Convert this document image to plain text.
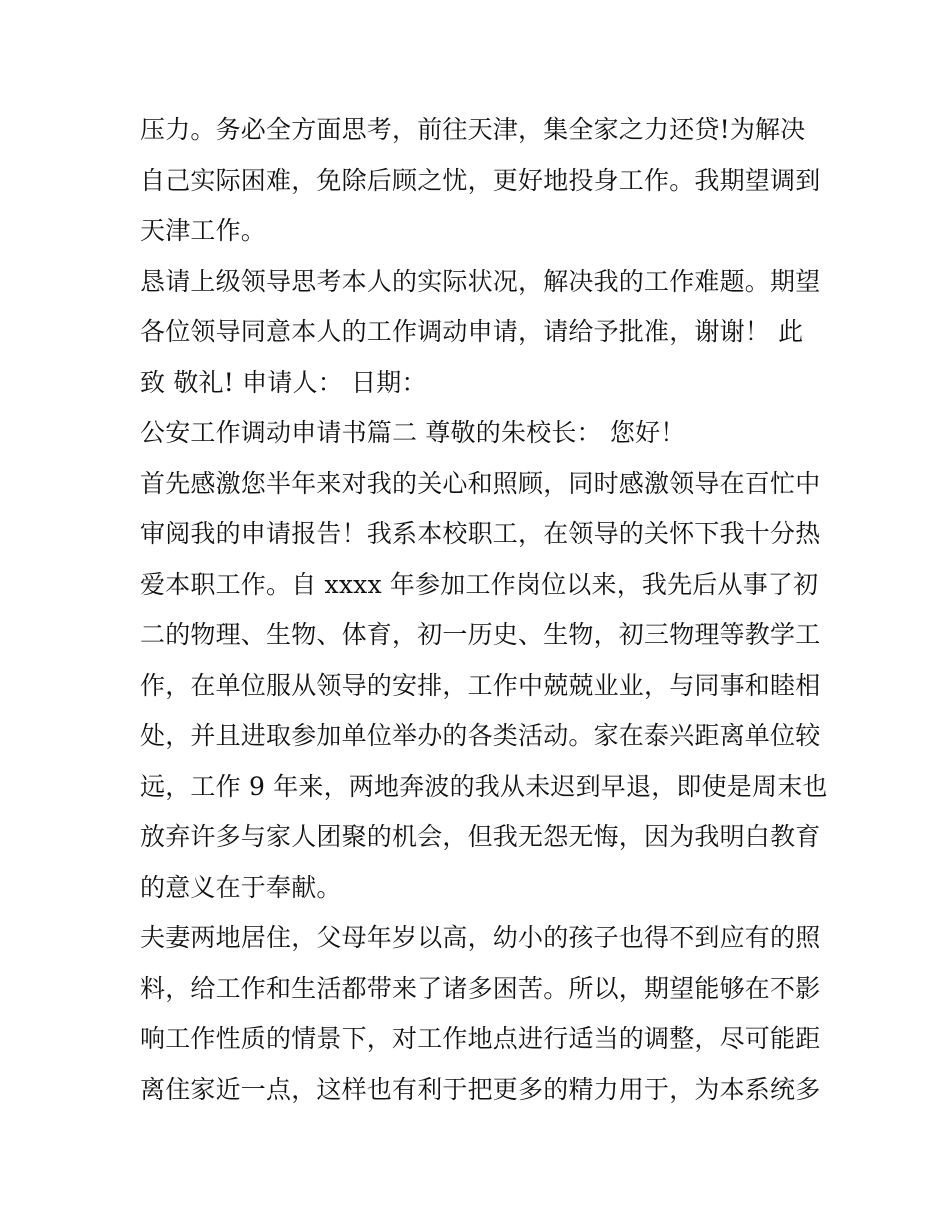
压力。务必全方面思考，前往天津，集全家之力还贷!为解决
自己实际困难，免除后顾之忧，更好地投身工作。我期望调到
天津工作。
恳请上级领导思考本人的实际状况，解决我的工作难题。期望
各位领导同意本人的工作调动申请，请给予批准，谢谢！ 此
致 敬礼! 申请人： 日期：
公安工作调动申请书篇二 尊敬的朱校长： 您好！
首先感激您半年来对我的关心和照顾，同时感激领导在百忙中
审阅我的申请报告！我系本校职工，在领导的关怀下我十分热
爱本职工作。自 xxxx 年参加工作岗位以来，我先后从事了初
二的物理、生物、体育，初一历史、生物，初三物理等教学工
作，在单位服从领导的安排，工作中兢兢业业，与同事和睦相
处，并且进取参加单位举办的各类活动。家在泰兴距离单位较
远，工作 9 年来，两地奔波的我从未迟到早退，即使是周末也
放弃许多与家人团聚的机会，但我无怨无悔，因为我明白教育
的意义在于奉献。
夫妻两地居住，父母年岁以高，幼小的孩子也得不到应有的照
料，给工作和生活都带来了诸多困苦。所以，期望能够在不影
响工作性质的情景下，对工作地点进行适当的调整，尽可能距
离住家近一点，这样也有利于把更多的精力用于，为本系统多
